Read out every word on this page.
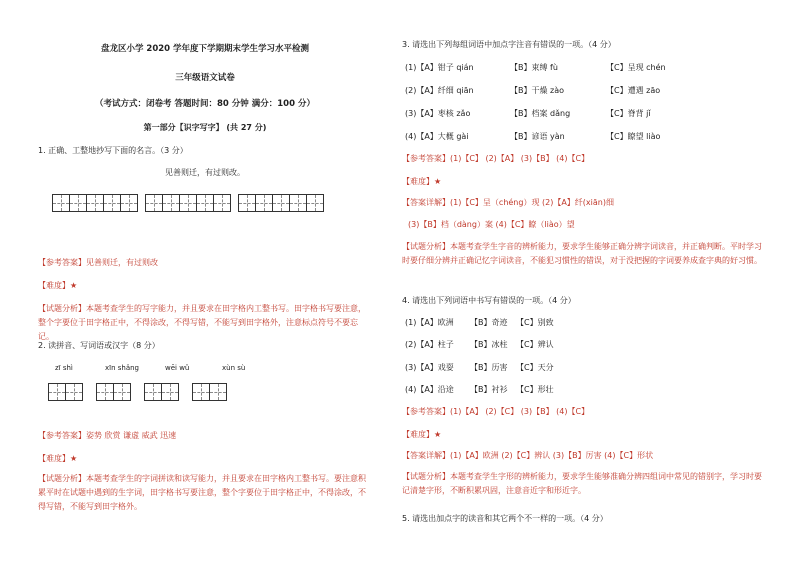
盘龙区小学 2020 学年度下学期期末学生学习水平检测
三年级语文试卷
（考试方式：闭卷考 答题时间：80 分钟 满分：100 分）
第一部分【识字写字】 (共 27 分)
1. 正确、工整地抄写下面的名言。（3 分）
见善则迁，有过则改。
【参考答案】见善则迁，有过则改
【难度】★
【试题分析】本题考查学生的写字能力，并且要求在田字格内工整书写。田字格书写要注意，整个字要位于田字格正中，不得涂改，不得写错，不能写到田字格外，注意标点符号不要忘记。
2. 读拼音、写词语或汉字（8 分）
zī shì	xīn shǎng	wēi wǔ	xùn sù
【参考答案】姿势 欣赏 谦虚 威武 迅速
【难度】★
【试题分析】本题考查学生的字词拼读和读写能力，并且要求在田字格内工整书写。要注意积累平时在试题中遇到的生字词，田字格书写要注意，整个字要位于田字格正中，不得涂改，不得写错，不能写到田字格外。
3. 请选出下列每组词语中加点字注音有错误的一项。（4 分）
(1)【A】钳子 qián	【B】束缚 fù	【C】呈现 chén
(2)【A】纤细 qiān	【B】干燥 zào	【C】遭遇 zāo
(3)【A】枣核 zǎo	【B】档案 dǎng	【C】脊背 jǐ
(4)【A】大概 gài	【B】谚语 yàn	【C】瞭望 liào
【参考答案】(1)【C】 (2)【A】 (3)【B】 (4)【C】
【难度】★
【答案详解】(1)【C】呈（chéng）现 (2)【A】纤(xiān)细
(3)【B】档（dàng）案 (4)【C】瞭（liào）望
【试题分析】本题考查学生字音的辨析能力，要求学生能够正确分辨字词读音，并正确判断。平时学习时要仔细分辨并正确记忆字词读音，不能犯习惯性的错误，对于没把握的字词要养成查字典的好习惯。
4. 请选出下列词语中书写有错误的一项。（4 分）
(1)【A】欧洲 【B】奇迹 【C】别致
(2)【A】柱子 【B】冰柱 【C】辨认
(3)【A】戏耍 【B】历害 【C】天分
(4)【A】沿途 【B】衬衫 【C】形壮
【参考答案】(1)【A】 (2)【C】 (3)【B】 (4)【C】
【难度】★
【答案详解】(1)【A】欧洲 (2)【C】辨认 (3)【B】厉害 (4)【C】形状
【试题分析】本题考查学生字形的辨析能力，要求学生能够准确分辨四组词中常见的错别字，学习时要记清楚字形，不断积累巩固，注意音近字和形近字。
5. 请选出加点字的读音和其它两个不一样的一项。（4 分）
